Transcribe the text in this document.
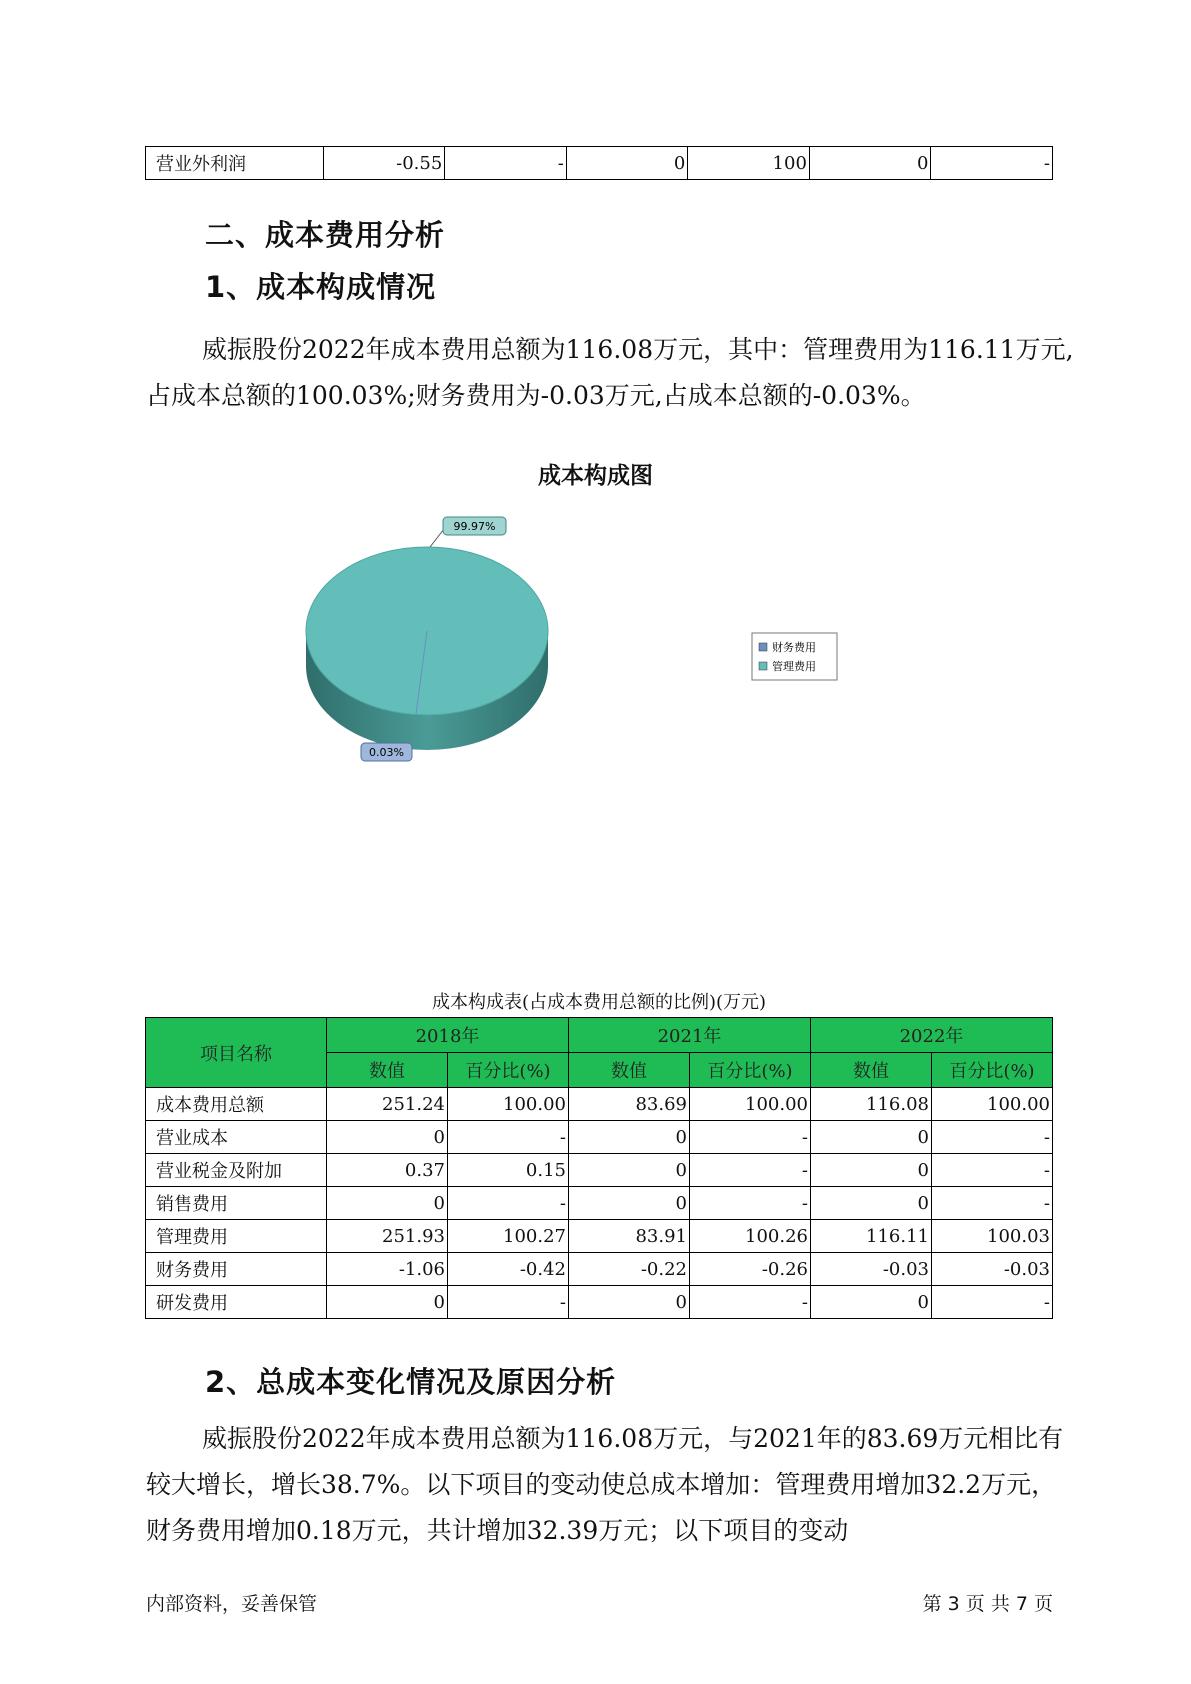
营业外利润	-0.55	-	0	100	0	-
二、成本费用分析
1、成本构成情况

威振股份2022年成本费用总额为116.08万元，其中：管理费用为116.11万元,占成本总额的100.03%;财务费用为-0.03万元,占成本总额的-0.03%。

成本构成图
99.97%
0.03%
财务费用
管理费用
成本构成表(占成本费用总额的比例)(万元)
项目名称	2018年		2021年		2022年	
	数值	百分比(%)	数值	百分比(%)	数值	百分比(%)
成本费用总额	251.24	100.00	83.69	100.00	116.08	100.00
营业成本	0	-	0	-	0	-
营业税金及附加	0.37	0.15	0	-	0	-
销售费用	0	-	0	-	0	-
管理费用	251.93	100.27	83.91	100.26	116.11	100.03
财务费用	-1.06	-0.42	-0.22	-0.26	-0.03	-0.03
研发费用	0	-	0	-	0	-
2、总成本变化情况及原因分析

威振股份2022年成本费用总额为116.08万元，与2021年的83.69万元相比有较大增长，增长38.7%。以下项目的变动使总成本增加：管理费用增加32.2万元，财务费用增加0.18万元，共计增加32.39万元；以下项目的变动

内部资料，妥善保管	第 3 页 共 7 页
